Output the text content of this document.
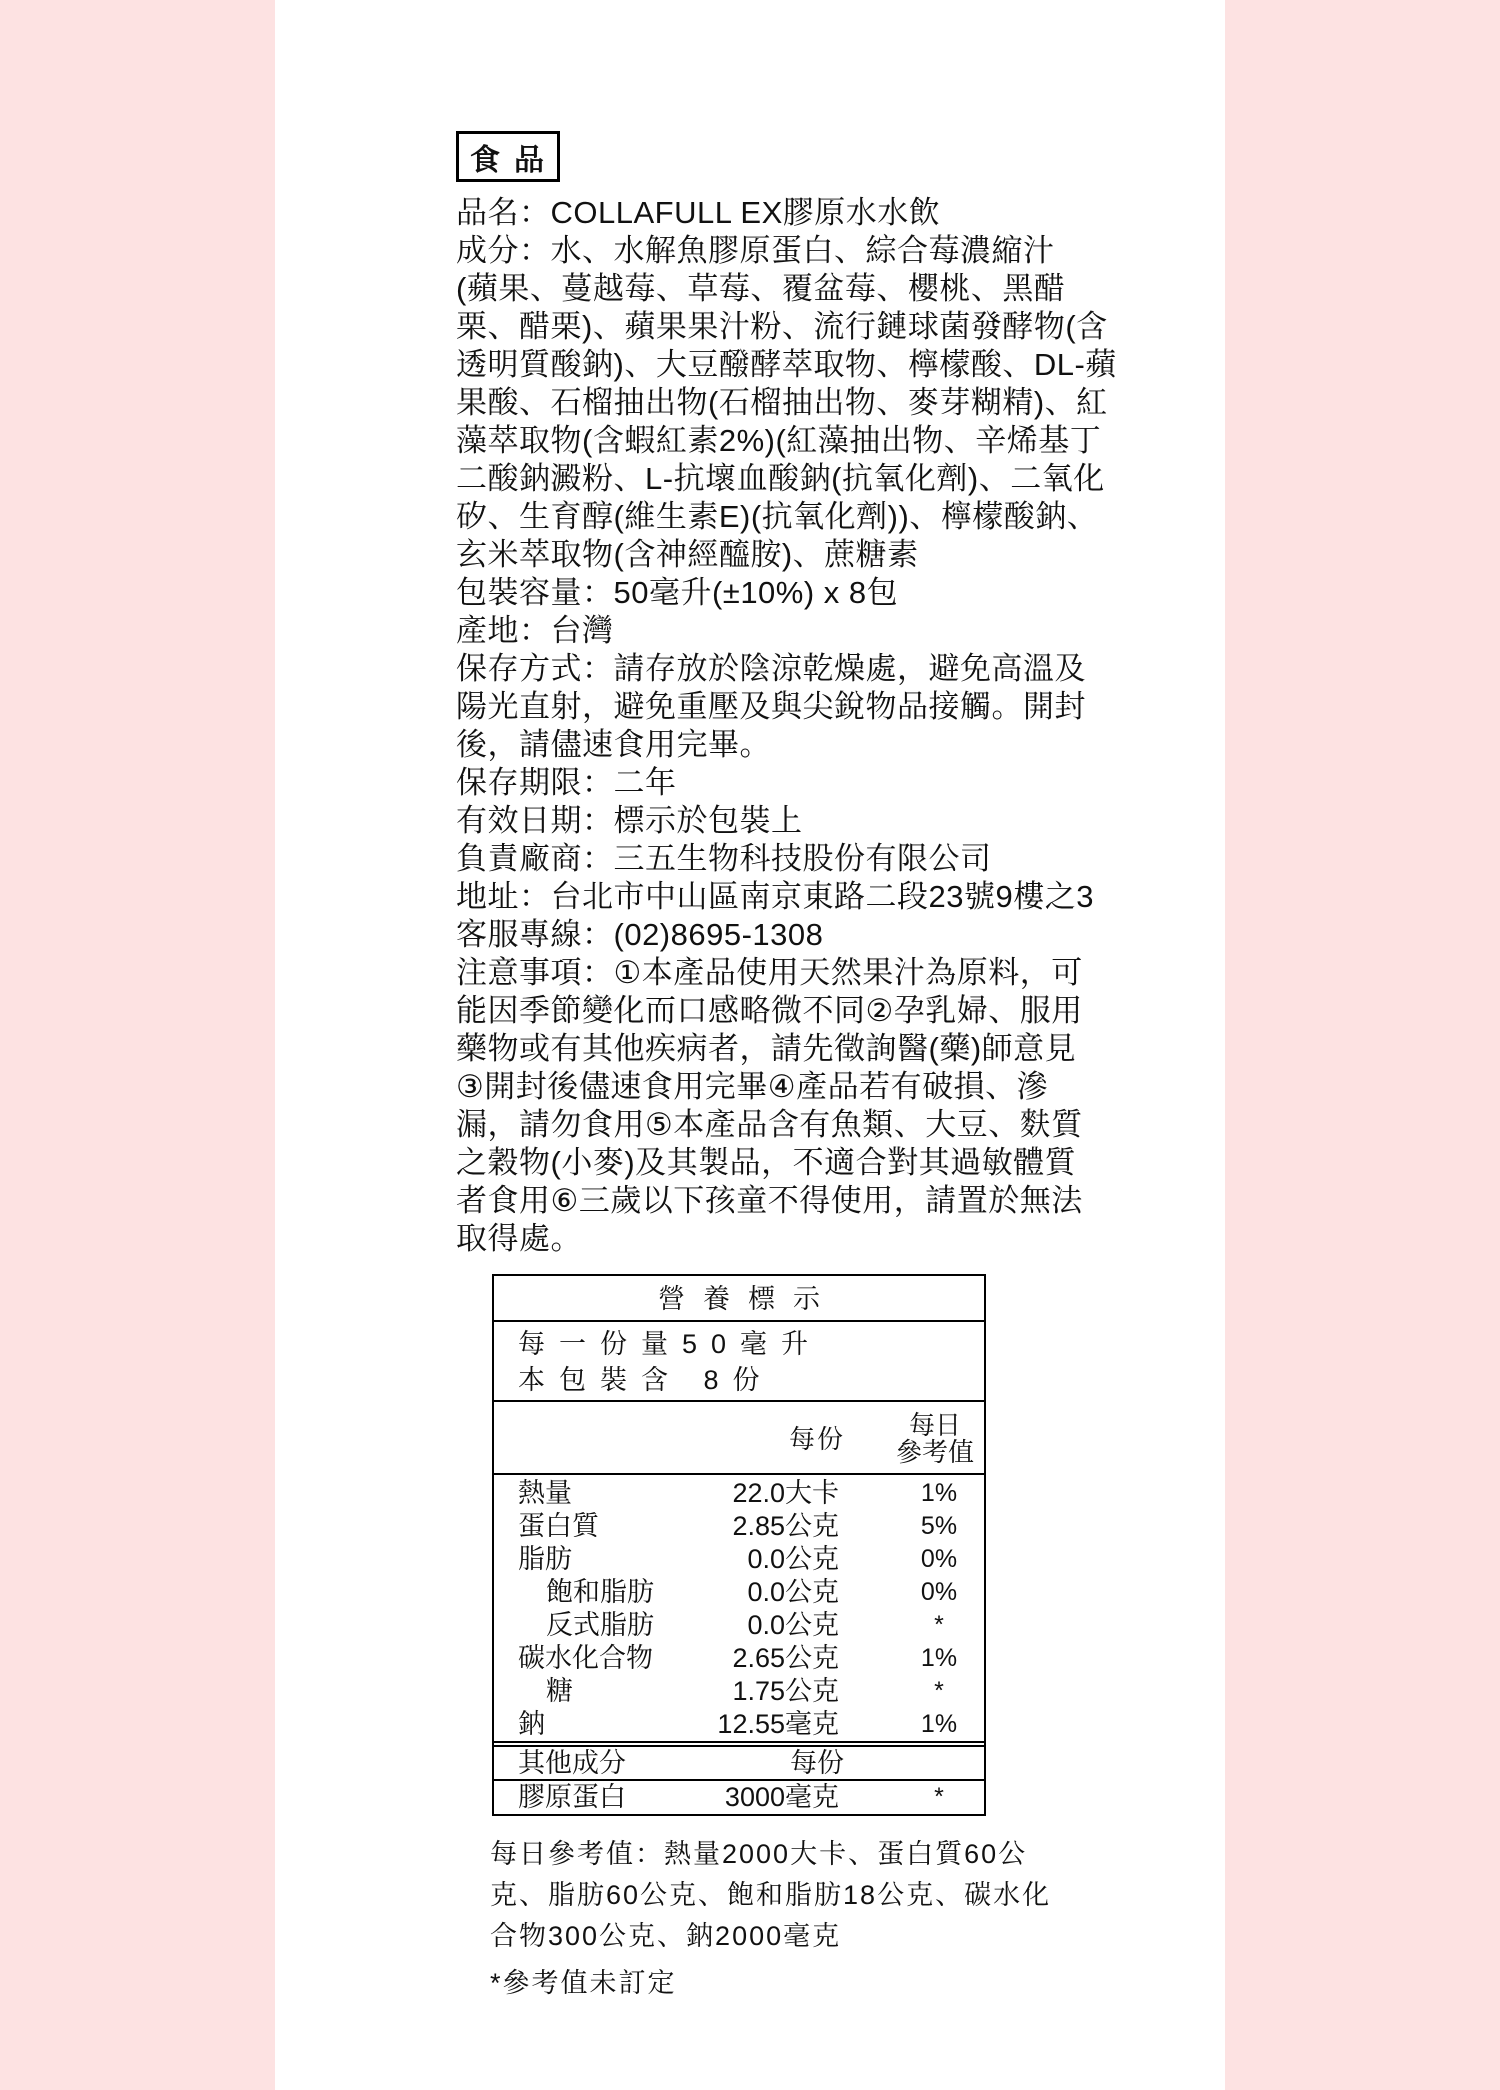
食品
品名：COLLAFULL EX膠原水水飲
成分：水、水解魚膠原蛋白、綜合莓濃縮汁
(蘋果、蔓越莓、草莓、覆盆莓、櫻桃、黑醋
栗、醋栗)、蘋果果汁粉、流行鏈球菌發酵物(含
透明質酸鈉)、大豆醱酵萃取物、檸檬酸、DL-蘋
果酸、石榴抽出物(石榴抽出物、麥芽糊精)、紅
藻萃取物(含蝦紅素2%)(紅藻抽出物、辛烯基丁
二酸鈉澱粉、L-抗壞血酸鈉(抗氧化劑)、二氧化
矽、生育醇(維生素E)(抗氧化劑))、檸檬酸鈉、
玄米萃取物(含神經醯胺)、蔗糖素
包裝容量：50毫升(±10%) x 8包
產地：台灣
保存方式：請存放於陰涼乾燥處，避免高溫及
陽光直射，避免重壓及與尖銳物品接觸。開封
後，請儘速食用完畢。
保存期限：二年
有效日期：標示於包裝上
負責廠商：三五生物科技股份有限公司
地址：台北市中山區南京東路二段23號9樓之3
客服專線：(02)8695-1308
注意事項：①本產品使用天然果汁為原料，可
能因季節變化而口感略微不同②孕乳婦、服用
藥物或有其他疾病者，請先徵詢醫(藥)師意見
③開封後儘速食用完畢④產品若有破損、滲
漏，請勿食用⑤本產品含有魚類、大豆、麩質
之穀物(小麥)及其製品，不適合對其過敏體質
者食用⑥三歲以下孩童不得使用，請置於無法
取得處。
營養標示
每一份量50毫升
本包裝含 8份
每份	每日
參考值
熱量	22.0大卡	1%
蛋白質	2.85公克	5%
脂肪	0.0公克	0%
飽和脂肪	0.0公克	0%
反式脂肪	0.0公克	*
碳水化合物	2.65公克	1%
糖	1.75公克	*
鈉	12.55毫克	1%
其他成分	每份
膠原蛋白	3000毫克	*
每日參考值：熱量2000大卡、蛋白質60公
克、脂肪60公克、飽和脂肪18公克、碳水化
合物300公克、鈉2000毫克
*參考值未訂定
